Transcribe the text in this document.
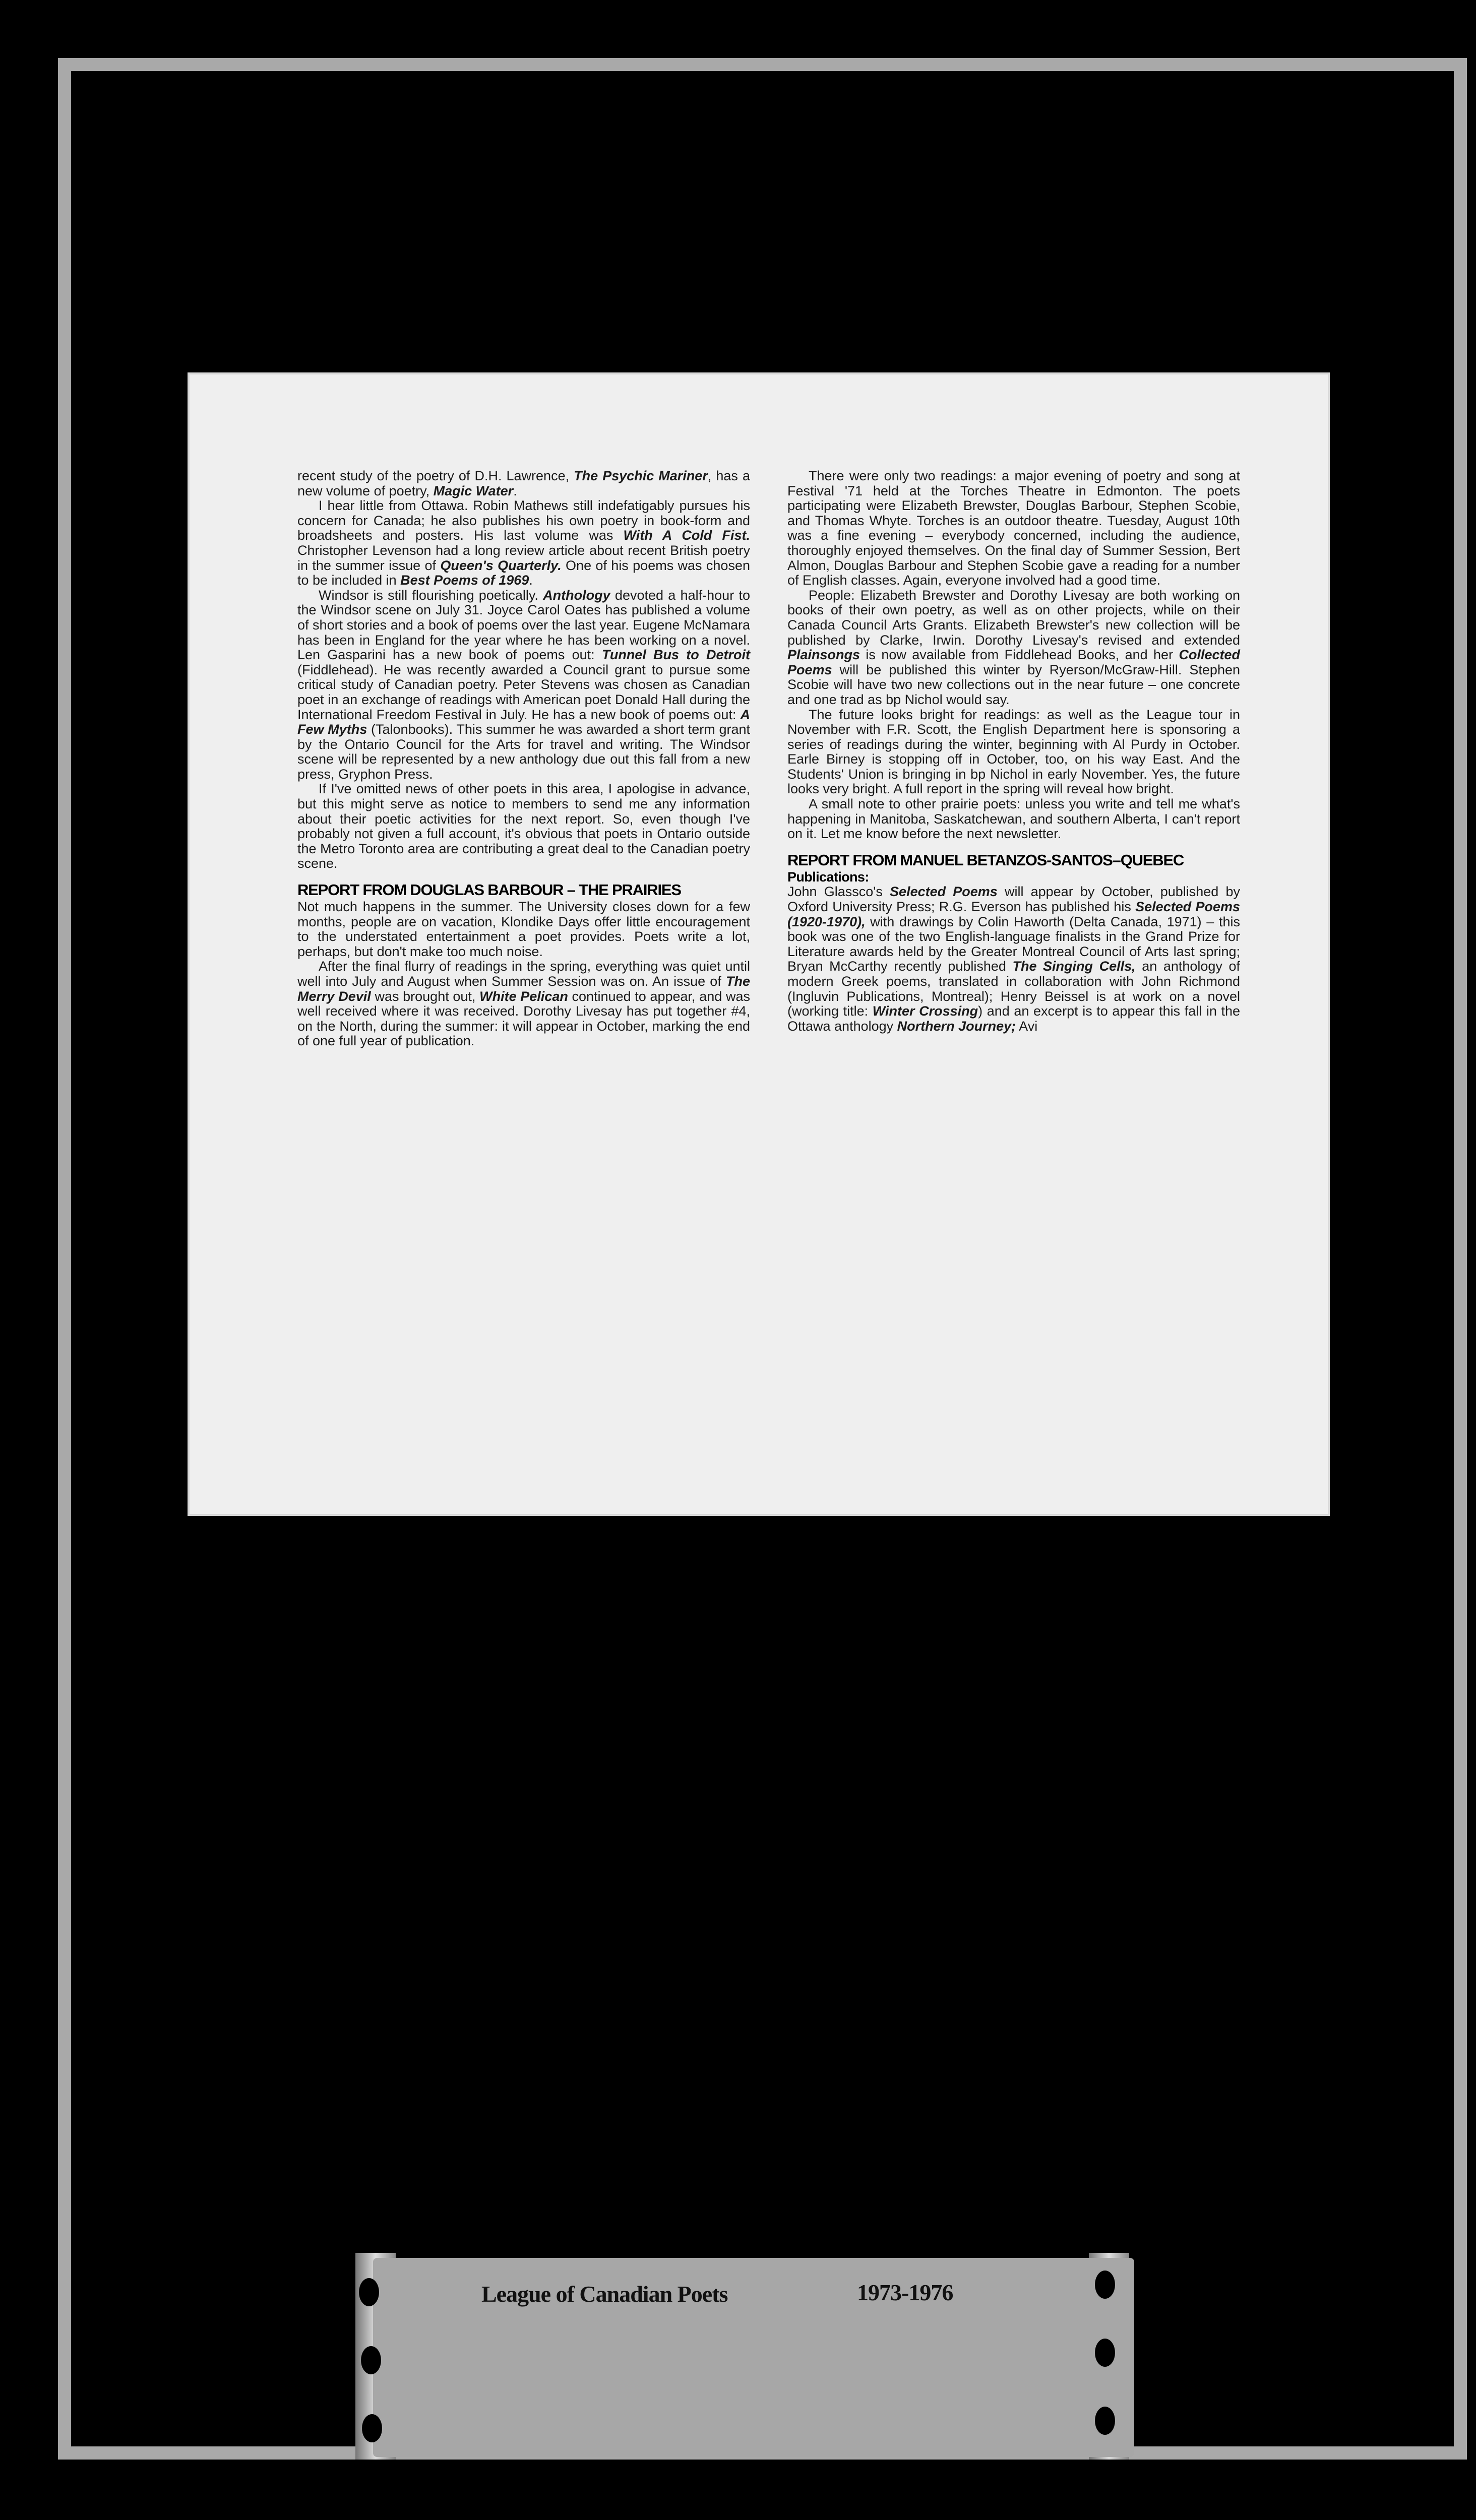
recent study of the poetry of D.H. Lawrence, The Psychic Mariner, has a new volume of poetry, Magic Water.

I hear little from Ottawa. Robin Mathews still indefatigably pursues his concern for Canada; he also publishes his own poetry in book-form and broadsheets and posters. His last volume was With A Cold Fist. Christopher Levenson had a long review article about recent British poetry in the summer issue of Queen's Quarterly. One of his poems was chosen to be included in Best Poems of 1969.

Windsor is still flourishing poetically. Anthology devoted a half-hour to the Windsor scene on July 31. Joyce Carol Oates has published a volume of short stories and a book of poems over the last year. Eugene McNamara has been in England for the year where he has been working on a novel. Len Gasparini has a new book of poems out: Tunnel Bus to Detroit (Fiddlehead). He was recently awarded a Council grant to pursue some critical study of Canadian poetry. Peter Stevens was chosen as Canadian poet in an exchange of readings with American poet Donald Hall during the International Freedom Festival in July. He has a new book of poems out: A Few Myths (Talonbooks). This summer he was awarded a short term grant by the Ontario Council for the Arts for travel and writing. The Windsor scene will be represented by a new anthology due out this fall from a new press, Gryphon Press.

If I've omitted news of other poets in this area, I apologise in advance, but this might serve as notice to members to send me any information about their poetic activities for the next report. So, even though I've probably not given a full account, it's obvious that poets in Ontario outside the Metro Toronto area are contributing a great deal to the Canadian poetry scene.

REPORT FROM DOUGLAS BARBOUR – THE PRAIRIES

Not much happens in the summer. The University closes down for a few months, people are on vacation, Klondike Days offer little encouragement to the understated entertainment a poet provides. Poets write a lot, perhaps, but don't make too much noise.

After the final flurry of readings in the spring, everything was quiet until well into July and August when Summer Session was on. An issue of The Merry Devil was brought out, White Pelican continued to appear, and was well received where it was received. Dorothy Livesay has put together #4, on the North, during the summer: it will appear in October, marking the end of one full year of publication.

There were only two readings: a major evening of poetry and song at Festival '71 held at the Torches Theatre in Edmonton. The poets participating were Elizabeth Brewster, Douglas Barbour, Stephen Scobie, and Thomas Whyte. Torches is an outdoor theatre. Tuesday, August 10th was a fine evening – everybody concerned, including the audience, thoroughly enjoyed themselves. On the final day of Summer Session, Bert Almon, Douglas Barbour and Stephen Scobie gave a reading for a number of English classes. Again, everyone involved had a good time.

People: Elizabeth Brewster and Dorothy Livesay are both working on books of their own poetry, as well as on other projects, while on their Canada Council Arts Grants. Elizabeth Brewster's new collection will be published by Clarke, Irwin. Dorothy Livesay's revised and extended Plainsongs is now available from Fiddlehead Books, and her Collected Poems will be published this winter by Ryerson/McGraw-Hill. Stephen Scobie will have two new collections out in the near future – one concrete and one trad as bp Nichol would say.

The future looks bright for readings: as well as the League tour in November with F.R. Scott, the English Department here is sponsoring a series of readings during the winter, beginning with Al Purdy in October. Earle Birney is stopping off in October, too, on his way East. And the Students' Union is bringing in bp Nichol in early November. Yes, the future looks very bright. A full report in the spring will reveal how bright.

A small note to other prairie poets: unless you write and tell me what's happening in Manitoba, Saskatchewan, and southern Alberta, I can't report on it. Let me know before the next newsletter.

REPORT FROM MANUEL BETANZOS-SANTOS–QUEBEC
Publications:

John Glassco's Selected Poems will appear by October, published by Oxford University Press; R.G. Everson has published his Selected Poems (1920-1970), with drawings by Colin Haworth (Delta Canada, 1971) – this book was one of the two English-language finalists in the Grand Prize for Literature awards held by the Greater Montreal Council of Arts last spring; Bryan McCarthy recently published The Singing Cells, an anthology of modern Greek poems, translated in collaboration with John Richmond (Ingluvin Publications, Montreal); Henry Beissel is at work on a novel (working title: Winter Crossing) and an excerpt is to appear this fall in the Ottawa anthology Northern Journey; Avi

League of Canadian Poets	1973-1976
